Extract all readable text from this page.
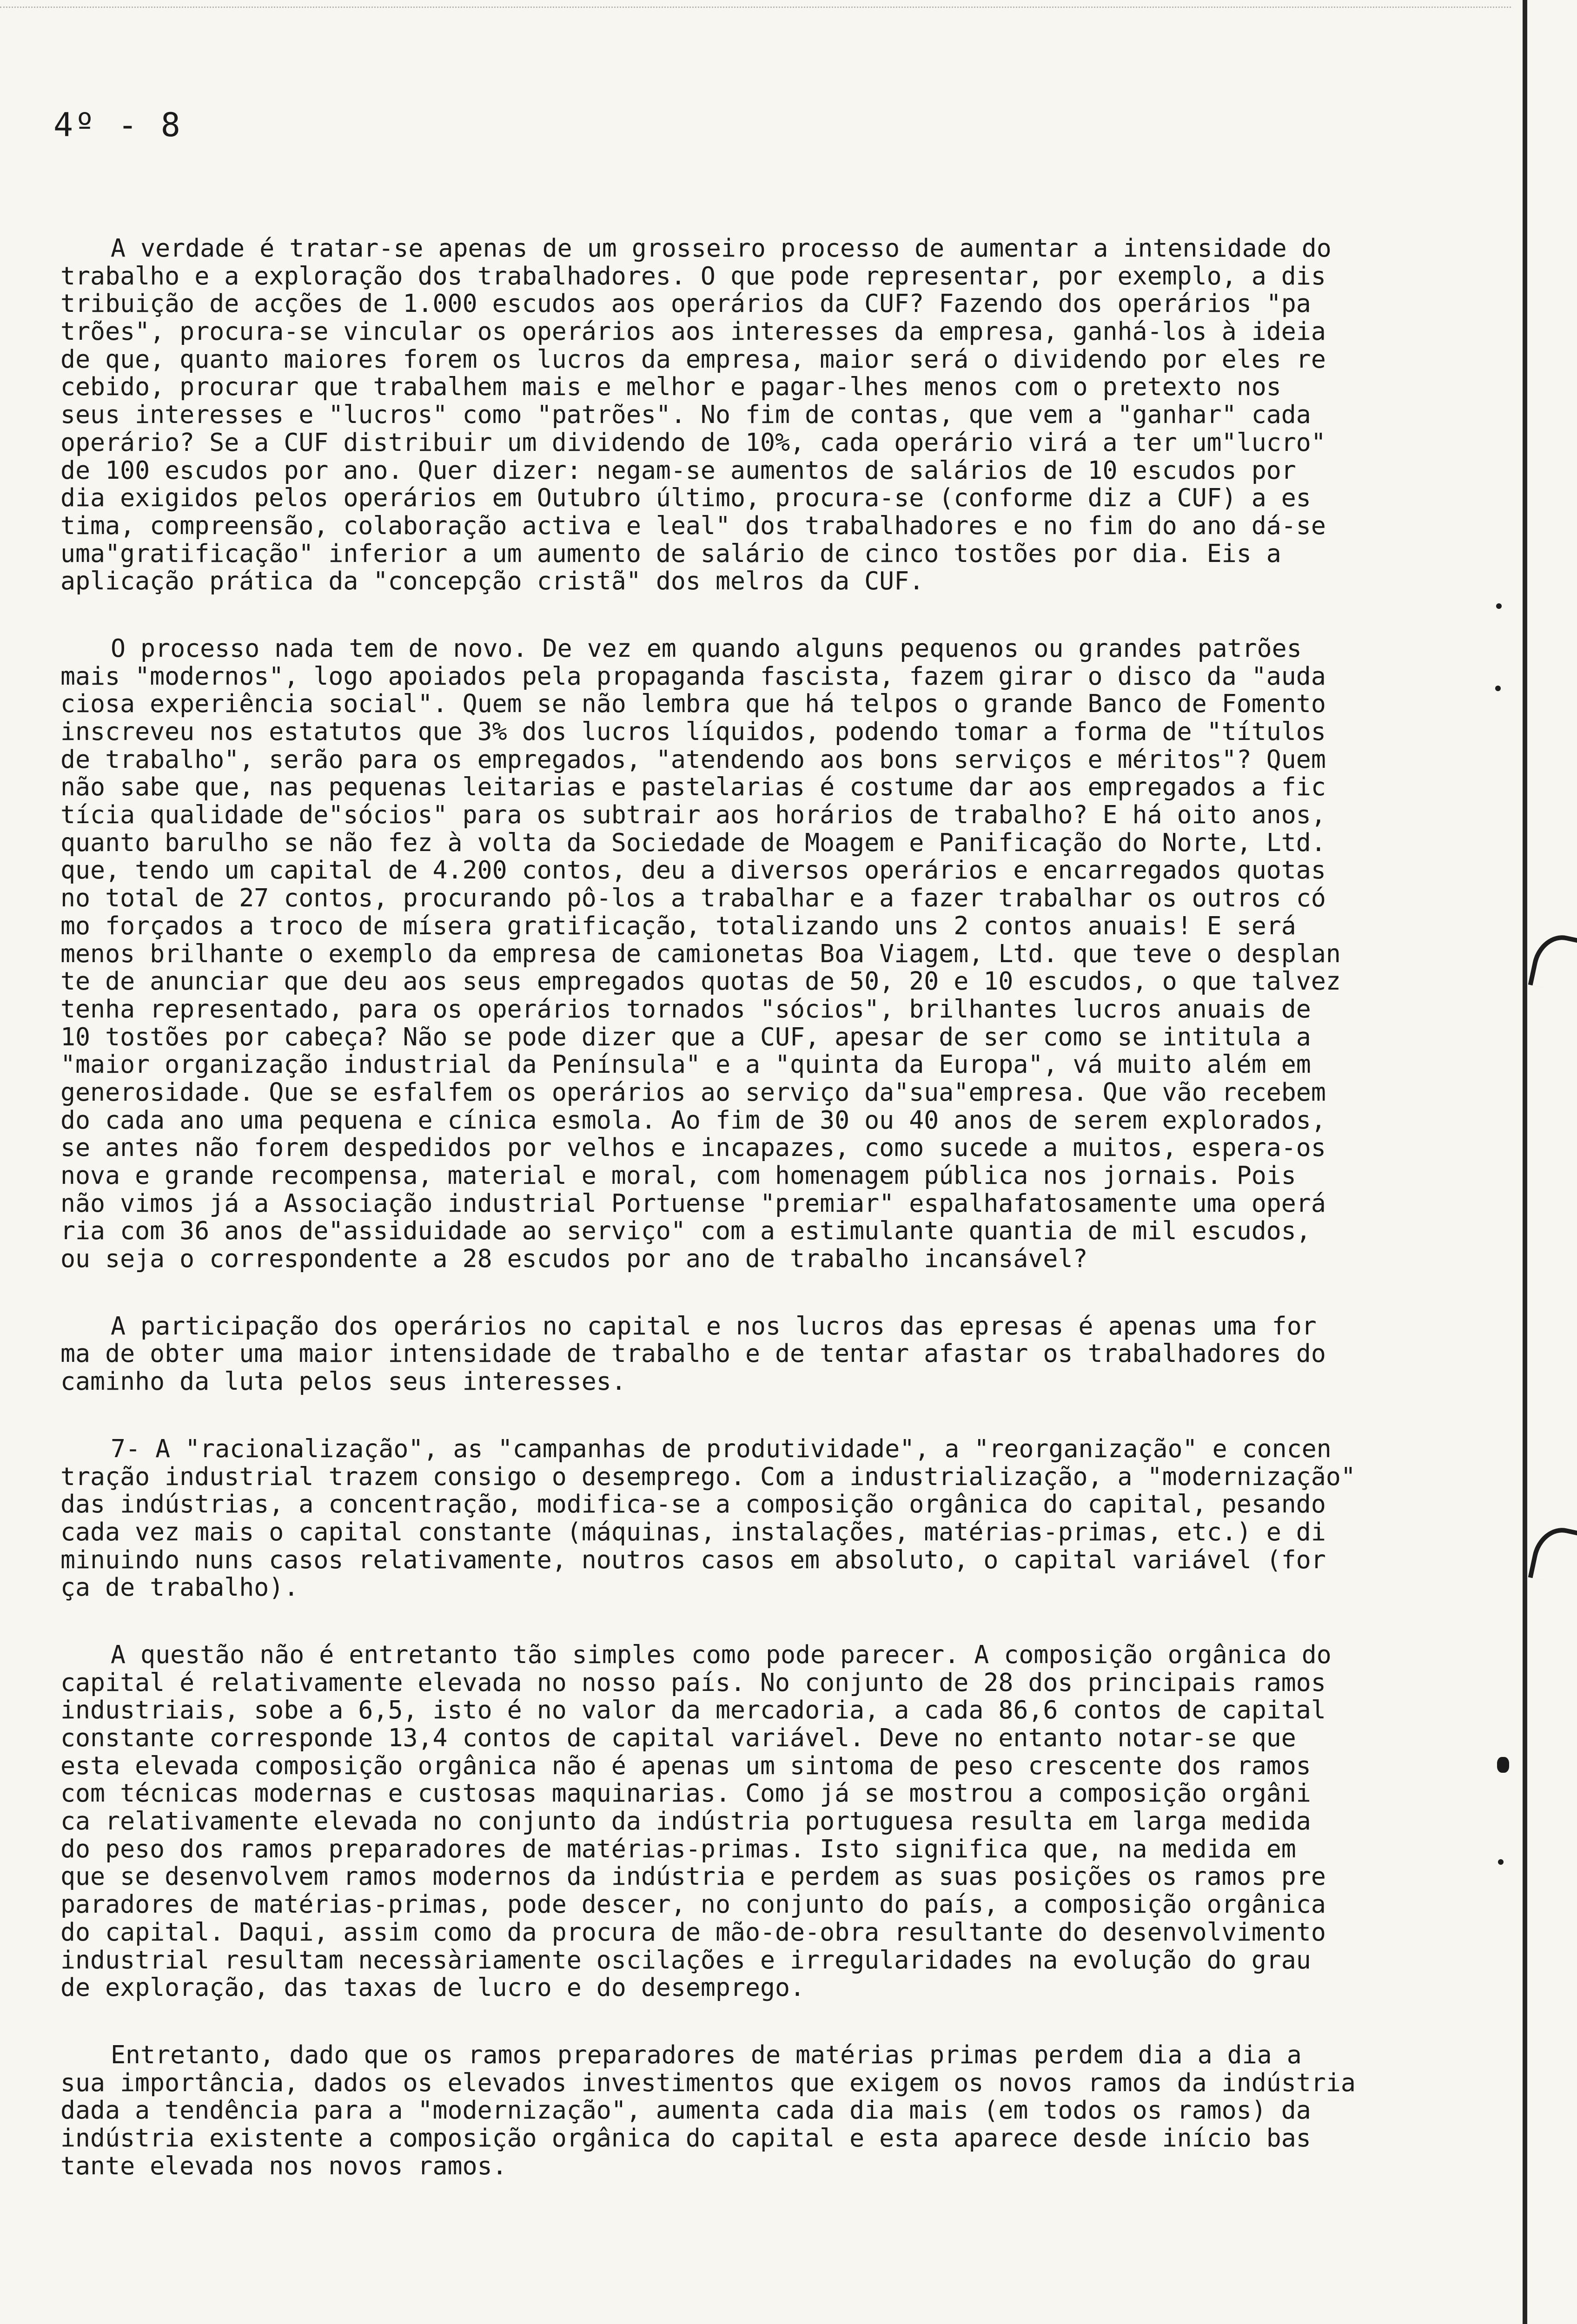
4º - 8
A verdade é tratar-se apenas de um grosseiro processo de aumentar a intensidade do
trabalho e a exploração dos trabalhadores. O que pode representar, por exemplo, a dis
tribuição de acções de 1.000 escudos aos operários da CUF? Fazendo dos operários "pa
trões", procura-se vincular os operários aos interesses da empresa, ganhá-los à ideia
de que, quanto maiores forem os lucros da empresa, maior será o dividendo por eles re
cebido, procurar que trabalhem mais e melhor e pagar-lhes menos com o pretexto nos
seus interesses e "lucros" como "patrões". No fim de contas, que vem a "ganhar" cada
operário? Se a CUF distribuir um dividendo de 10%, cada operário virá a ter um"lucro"
de 100 escudos por ano. Quer dizer: negam-se aumentos de salários de 10 escudos por
dia exigidos pelos operários em Outubro último, procura-se (conforme diz a CUF) a es
tima, compreensão, colaboração activa e leal" dos trabalhadores e no fim do ano dá-se
uma"gratificação" inferior a um aumento de salário de cinco tostões por dia. Eis a
aplicação prática da "concepção cristã" dos melros da CUF.
O processo nada tem de novo. De vez em quando alguns pequenos ou grandes patrões
mais "modernos", logo apoiados pela propaganda fascista, fazem girar o disco da "auda
ciosa experiência social". Quem se não lembra que há telpos o grande Banco de Fomento
inscreveu nos estatutos que 3% dos lucros líquidos, podendo tomar a forma de "títulos
de trabalho", serão para os empregados, "atendendo aos bons serviços e méritos"? Quem
não sabe que, nas pequenas leitarias e pastelarias é costume dar aos empregados a fic
tícia qualidade de"sócios" para os subtrair aos horários de trabalho? E há oito anos,
quanto barulho se não fez à volta da Sociedade de Moagem e Panificação do Norte, Ltd.
que, tendo um capital de 4.200 contos, deu a diversos operários e encarregados quotas
no total de 27 contos, procurando pô-los a trabalhar e a fazer trabalhar os outros có
mo forçados a troco de mísera gratificação, totalizando uns 2 contos anuais! E será
menos brilhante o exemplo da empresa de camionetas Boa Viagem, Ltd. que teve o desplan
te de anunciar que deu aos seus empregados quotas de 50, 20 e 10 escudos, o que talvez
tenha representado, para os operários tornados "sócios", brilhantes lucros anuais de
10 tostões por cabeça? Não se pode dizer que a CUF, apesar de ser como se intitula a
"maior organização industrial da Península" e a "quinta da Europa", vá muito além em
generosidade. Que se esfalfem os operários ao serviço da"sua"empresa. Que vão recebem
do cada ano uma pequena e cínica esmola. Ao fim de 30 ou 40 anos de serem explorados,
se antes não forem despedidos por velhos e incapazes, como sucede a muitos, espera-os
nova e grande recompensa, material e moral, com homenagem pública nos jornais. Pois
não vimos já a Associação industrial Portuense "premiar" espalhafatosamente uma operá
ria com 36 anos de"assiduidade ao serviço" com a estimulante quantia de mil escudos,
ou seja o correspondente a 28 escudos por ano de trabalho incansável?
A participação dos operários no capital e nos lucros das epresas é apenas uma for
ma de obter uma maior intensidade de trabalho e de tentar afastar os trabalhadores do
caminho da luta pelos seus interesses.
7- A "racionalização", as "campanhas de produtividade", a "reorganização" e concen
tração industrial trazem consigo o desemprego. Com a industrialização, a "modernização"
das indústrias, a concentração, modifica-se a composição orgânica do capital, pesando
cada vez mais o capital constante (máquinas, instalações, matérias-primas, etc.) e di
minuindo nuns casos relativamente, noutros casos em absoluto, o capital variável (for
ça de trabalho).
A questão não é entretanto tão simples como pode parecer. A composição orgânica do
capital é relativamente elevada no nosso país. No conjunto de 28 dos principais ramos
industriais, sobe a 6,5, isto é no valor da mercadoria, a cada 86,6 contos de capital
constante corresponde 13,4 contos de capital variável. Deve no entanto notar-se que
esta elevada composição orgânica não é apenas um sintoma de peso crescente dos ramos
com técnicas modernas e custosas maquinarias. Como já se mostrou a composição orgâni
ca relativamente elevada no conjunto da indústria portuguesa resulta em larga medida
do peso dos ramos preparadores de matérias-primas. Isto significa que, na medida em
que se desenvolvem ramos modernos da indústria e perdem as suas posições os ramos pre
paradores de matérias-primas, pode descer, no conjunto do país, a composição orgânica
do capital. Daqui, assim como da procura de mão-de-obra resultante do desenvolvimento
industrial resultam necessàriamente oscilações e irregularidades na evolução do grau
de exploração, das taxas de lucro e do desemprego.
Entretanto, dado que os ramos preparadores de matérias primas perdem dia a dia a
sua importância, dados os elevados investimentos que exigem os novos ramos da indústria
dada a tendência para a "modernização", aumenta cada dia mais (em todos os ramos) da
indústria existente a composição orgânica do capital e esta aparece desde início bas
tante elevada nos novos ramos.
